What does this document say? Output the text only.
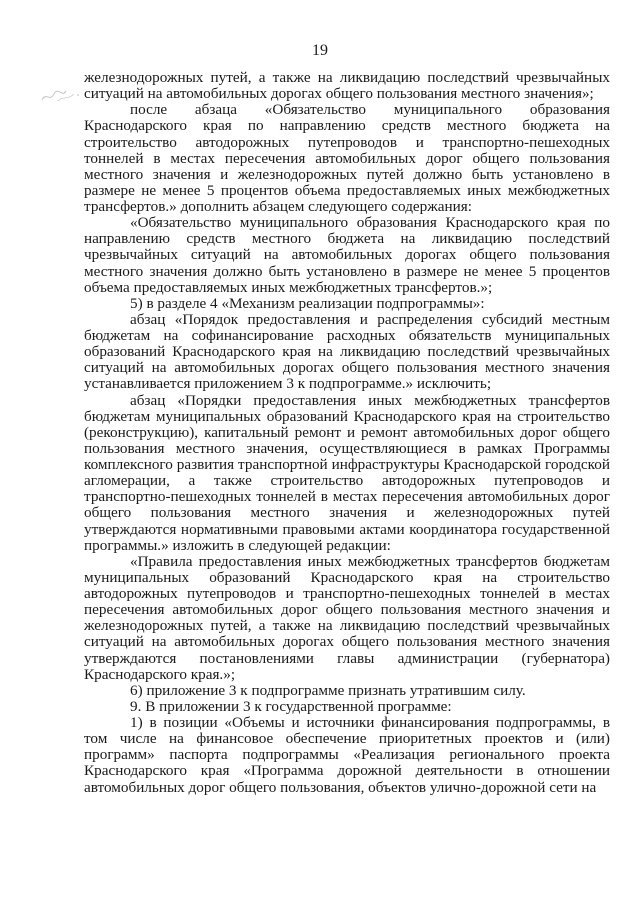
19

железнодорожных путей, а также на ликвидацию последствий чрезвычайных ситуаций на автомобильных дорогах общего пользования местного значения»;

после абзаца «Обязательство муниципального образования Краснодарского края по направлению средств местного бюджета на строительство автодорожных путепроводов и транспортно-пешеходных тоннелей в местах пересечения автомобильных дорог общего пользования местного значения и железнодорожных путей должно быть установлено в размере не менее 5 процентов объема предоставляемых иных межбюджетных трансфертов.» дополнить абзацем следующего содержания:

«Обязательство муниципального образования Краснодарского края по направлению средств местного бюджета на ликвидацию последствий чрезвычайных ситуаций на автомобильных дорогах общего пользования местного значения должно быть установлено в размере не менее 5 процентов объема предоставляемых иных межбюджетных трансфертов.»;

5) в разделе 4 «Механизм реализации подпрограммы»:

абзац «Порядок предоставления и распределения субсидий местным бюджетам на софинансирование расходных обязательств муниципальных образований Краснодарского края на ликвидацию последствий чрезвычайных ситуаций на автомобильных дорогах общего пользования местного значения устанавливается приложением 3 к подпрограмме.» исключить;

абзац «Порядки предоставления иных межбюджетных трансфертов бюджетам муниципальных образований Краснодарского края на строительство (реконструкцию), капитальный ремонт и ремонт автомобильных дорог общего пользования местного значения, осуществляющиеся в рамках Программы комплексного развития транспортной инфраструктуры Краснодарской городской агломерации, а также строительство автодорожных путепроводов и транспортно-пешеходных тоннелей в местах пересечения автомобильных дорог общего пользования местного значения и железнодорожных путей утверждаются нормативными правовыми актами координатора государственной программы.» изложить в следующей редакции:

«Правила предоставления иных межбюджетных трансфертов бюджетам муниципальных образований Краснодарского края на строительство автодорожных путепроводов и транспортно-пешеходных тоннелей в местах пересечения автомобильных дорог общего пользования местного значения и железнодорожных путей, а также на ликвидацию последствий чрезвычайных ситуаций на автомобильных дорогах общего пользования местного значения утверждаются постановлениями главы администрации (губернатора) Краснодарского края.»;

6) приложение 3 к подпрограмме признать утратившим силу.

9. В приложении 3 к государственной программе:

1) в позиции «Объемы и источники финансирования подпрограммы, в том числе на финансовое обеспечение приоритетных проектов и (или) программ» паспорта подпрограммы «Реализация регионального проекта Краснодарского края «Программа дорожной деятельности в отношении автомобильных дорог общего пользования, объектов улично-дорожной сети на
